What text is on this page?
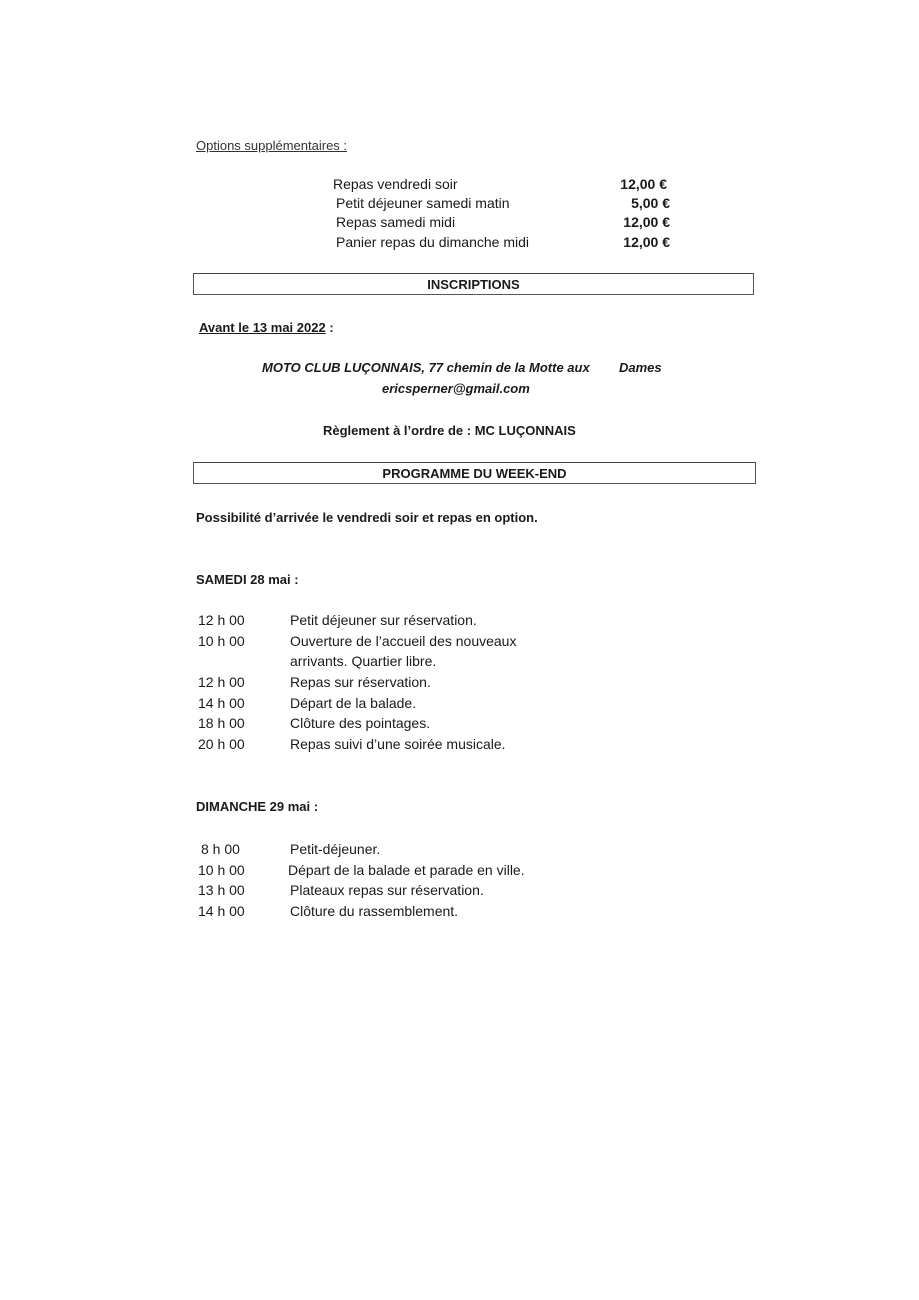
Options supplémentaires :
Repas vendredi soir	12,00 €
Petit déjeuner samedi matin	5,00 €
Repas samedi midi	12,00 €
Panier repas du dimanche midi	12,00 €
INSCRIPTIONS
Avant le 13 mai 2022 :
MOTO CLUB LUÇONNAIS, 77 chemin de la Motte aux Dames
ericsperner@gmail.com
Règlement à l’ordre de : MC LUÇONNAIS
PROGRAMME DU WEEK-END
Possibilité d’arrivée le vendredi soir et repas en option.
SAMEDI 28 mai :
12 h 00	Petit déjeuner sur réservation.
10 h 00	Ouverture de l’accueil des nouveaux
arrivants. Quartier libre.
12 h 00	Repas sur réservation.
14 h 00	Départ de la balade.
18 h 00	Clôture des pointages.
20 h 00	Repas suivi d’une soirée musicale.
DIMANCHE 29 mai :
8 h 00	Petit-déjeuner.
10 h 00	Départ de la balade et parade en ville.
13 h 00	Plateaux repas sur réservation.
14 h 00	Clôture du rassemblement.
